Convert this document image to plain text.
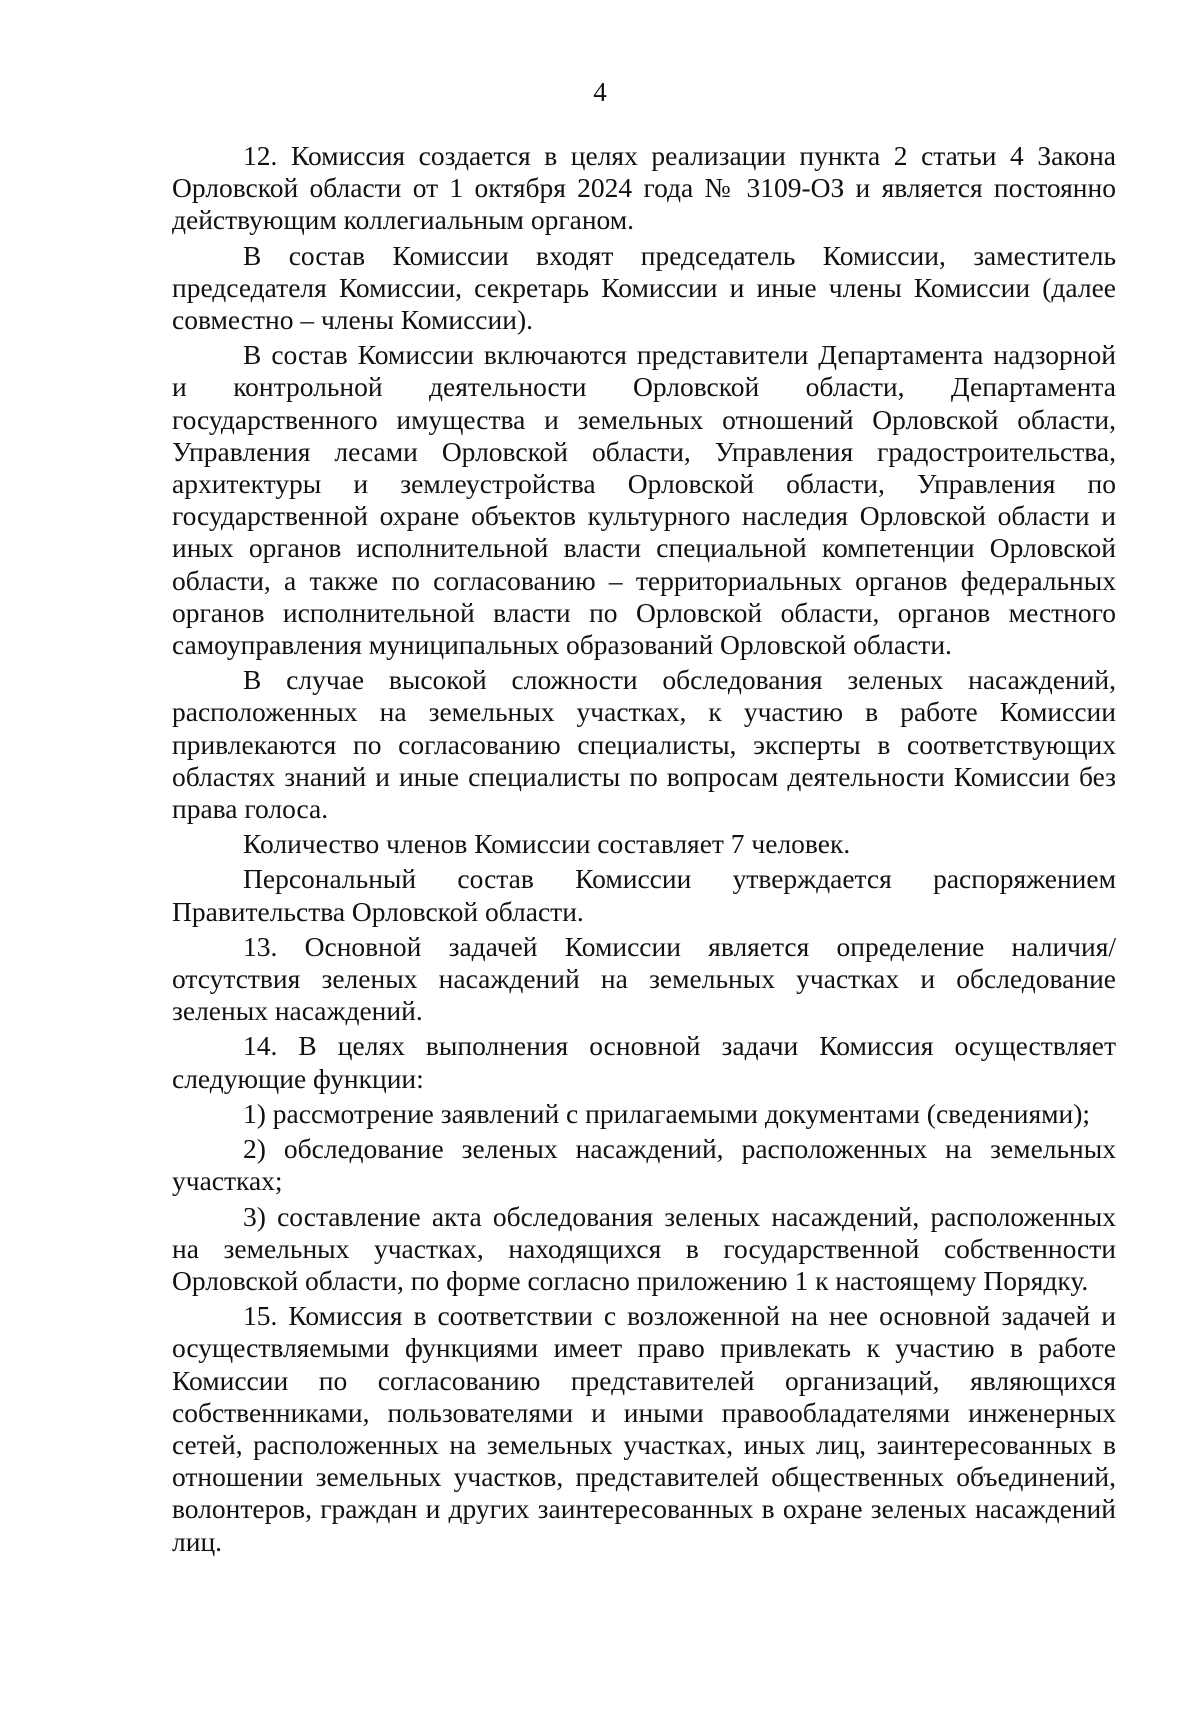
4

12. Комиссия создается в целях реализации пункта 2 статьи 4 Закона Орловской области от 1 октября 2024 года № 3109-ОЗ и является постоянно действующим коллегиальным органом.

В состав Комиссии входят председатель Комиссии, заместитель председателя Комиссии, секретарь Комиссии и иные члены Комиссии (далее совместно – члены Комиссии).

В состав Комиссии включаются представители Департамента надзорной и контрольной деятельности Орловской области, Департамента государственного имущества и земельных отношений Орловской области, Управления лесами Орловской области, Управления градостроительства, архитектуры и землеустройства Орловской области, Управления по государственной охране объектов культурного наследия Орловской области и иных органов исполнительной власти специальной компетенции Орловской области, а также по согласованию – территориальных органов федеральных органов исполнительной власти по Орловской области, органов местного самоуправления муниципальных образований Орловской области.

В случае высокой сложности обследования зеленых насаждений, расположенных на земельных участках, к участию в работе Комиссии привлекаются по согласованию специалисты, эксперты в соответствующих областях знаний и иные специалисты по вопросам деятельности Комиссии без права голоса.

Количество членов Комиссии составляет 7 человек.

Персональный состав Комиссии утверждается распоряжением Правительства Орловской области.

13. Основной задачей Комиссии является определение наличия/отсутствия зеленых насаждений на земельных участках и обследование зеленых насаждений.

14. В целях выполнения основной задачи Комиссия осуществляет следующие функции:

1) рассмотрение заявлений с прилагаемыми документами (сведениями);

2) обследование зеленых насаждений, расположенных на земельных участках;

3) составление акта обследования зеленых насаждений, расположенных на земельных участках, находящихся в государственной собственности Орловской области, по форме согласно приложению 1 к настоящему Порядку.

15. Комиссия в соответствии с возложенной на нее основной задачей и осуществляемыми функциями имеет право привлекать к участию в работе Комиссии по согласованию представителей организаций, являющихся собственниками, пользователями и иными правообладателями инженерных сетей, расположенных на земельных участках, иных лиц, заинтересованных в отношении земельных участков, представителей общественных объединений, волонтеров, граждан и других заинтересованных в охране зеленых насаждений лиц.
